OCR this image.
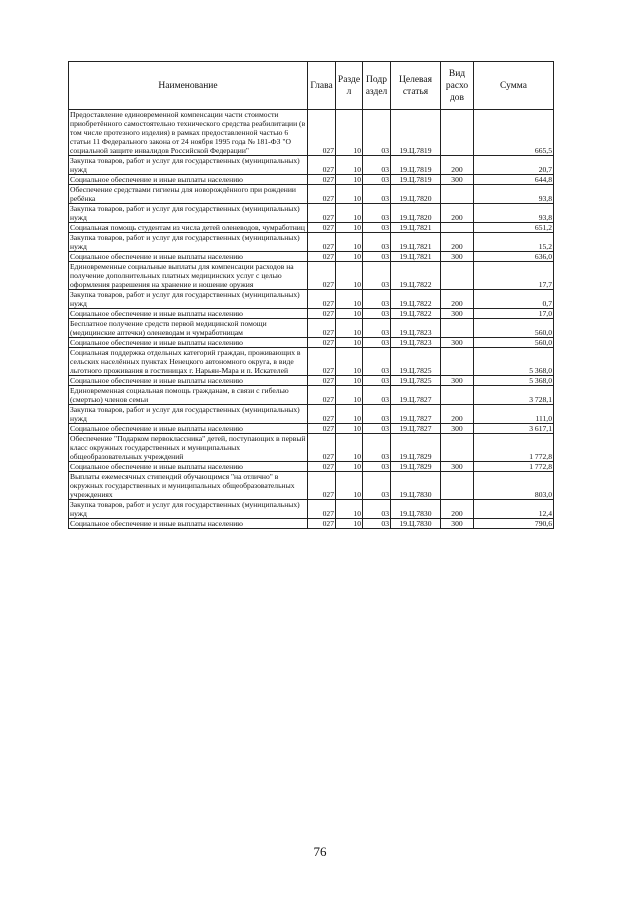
Наименование	Глава	Разде л	Подр аздел	Целевая статья	Вид расхо дов	Сумма
Предоставление единовременной компенсации части стоимости приобретённого самостоятельно технического средства реабилитации (в том числе протезного изделия) в рамках предоставленной частью 6 статьи 11 Федерального закона от 24 ноября 1995 года № 181-ФЗ "О социальной защите инвалидов Российской Федерации"	027	10	03	19.Ц.7819		665,5
Закупка товаров, работ и услуг для государственных (муниципальных) нужд	027	10	03	19.Ц.7819	200	20,7
Социальное обеспечение и иные выплаты населению	027	10	03	19.Ц.7819	300	644,8
Обеспечение средствами гигиены для новорождённого при рождении ребёнка	027	10	03	19.Ц.7820		93,8
Закупка товаров, работ и услуг для государственных (муниципальных) нужд	027	10	03	19.Ц.7820	200	93,8
Социальная помощь студентам из числа детей оленеводов, чумработниц	027	10	03	19.Ц.7821		651,2
Закупка товаров, работ и услуг для государственных (муниципальных) нужд	027	10	03	19.Ц.7821	200	15,2
Социальное обеспечение и иные выплаты населению	027	10	03	19.Ц.7821	300	636,0
Единовременные социальные выплаты для компенсации расходов на получение дополнительных платных медицинских услуг с целью оформления разрешения на хранение и ношение оружия	027	10	03	19.Ц.7822		17,7
Закупка товаров, работ и услуг для государственных (муниципальных) нужд	027	10	03	19.Ц.7822	200	0,7
Социальное обеспечение и иные выплаты населению	027	10	03	19.Ц.7822	300	17,0
Бесплатное получение средств первой медицинской помощи (медицинские аптечки) оленеводам и чумработницам	027	10	03	19.Ц.7823		560,0
Социальное обеспечение и иные выплаты населению	027	10	03	19.Ц.7823	300	560,0
Социальная поддержка отдельных категорий граждан, проживающих в сельских населённых пунктах Ненецкого автономного округа, в виде льготного проживания в гостиницах г. Нарьян-Мара и п. Искателей	027	10	03	19.Ц.7825		5 368,0
Социальное обеспечение и иные выплаты населению	027	10	03	19.Ц.7825	300	5 368,0
Единовременная социальная помощь гражданам, в связи с гибелью (смертью) членов семьи	027	10	03	19.Ц.7827		3 728,1
Закупка товаров, работ и услуг для государственных (муниципальных) нужд	027	10	03	19.Ц.7827	200	111,0
Социальное обеспечение и иные выплаты населению	027	10	03	19.Ц.7827	300	3 617,1
Обеспечение "Подарком первоклассника" детей, поступающих в первый класс окружных государственных и муниципальных общеобразовательных учреждений	027	10	03	19.Ц.7829		1 772,8
Социальное обеспечение и иные выплаты населению	027	10	03	19.Ц.7829	300	1 772,8
Выплаты ежемесячных стипендий обучающимся "на отлично" в окружных государственных и муниципальных общеобразовательных учреждениях	027	10	03	19.Ц.7830		803,0
Закупка товаров, работ и услуг для государственных (муниципальных) нужд	027	10	03	19.Ц.7830	200	12,4
Социальное обеспечение и иные выплаты населению	027	10	03	19.Ц.7830	300	790,6
76
